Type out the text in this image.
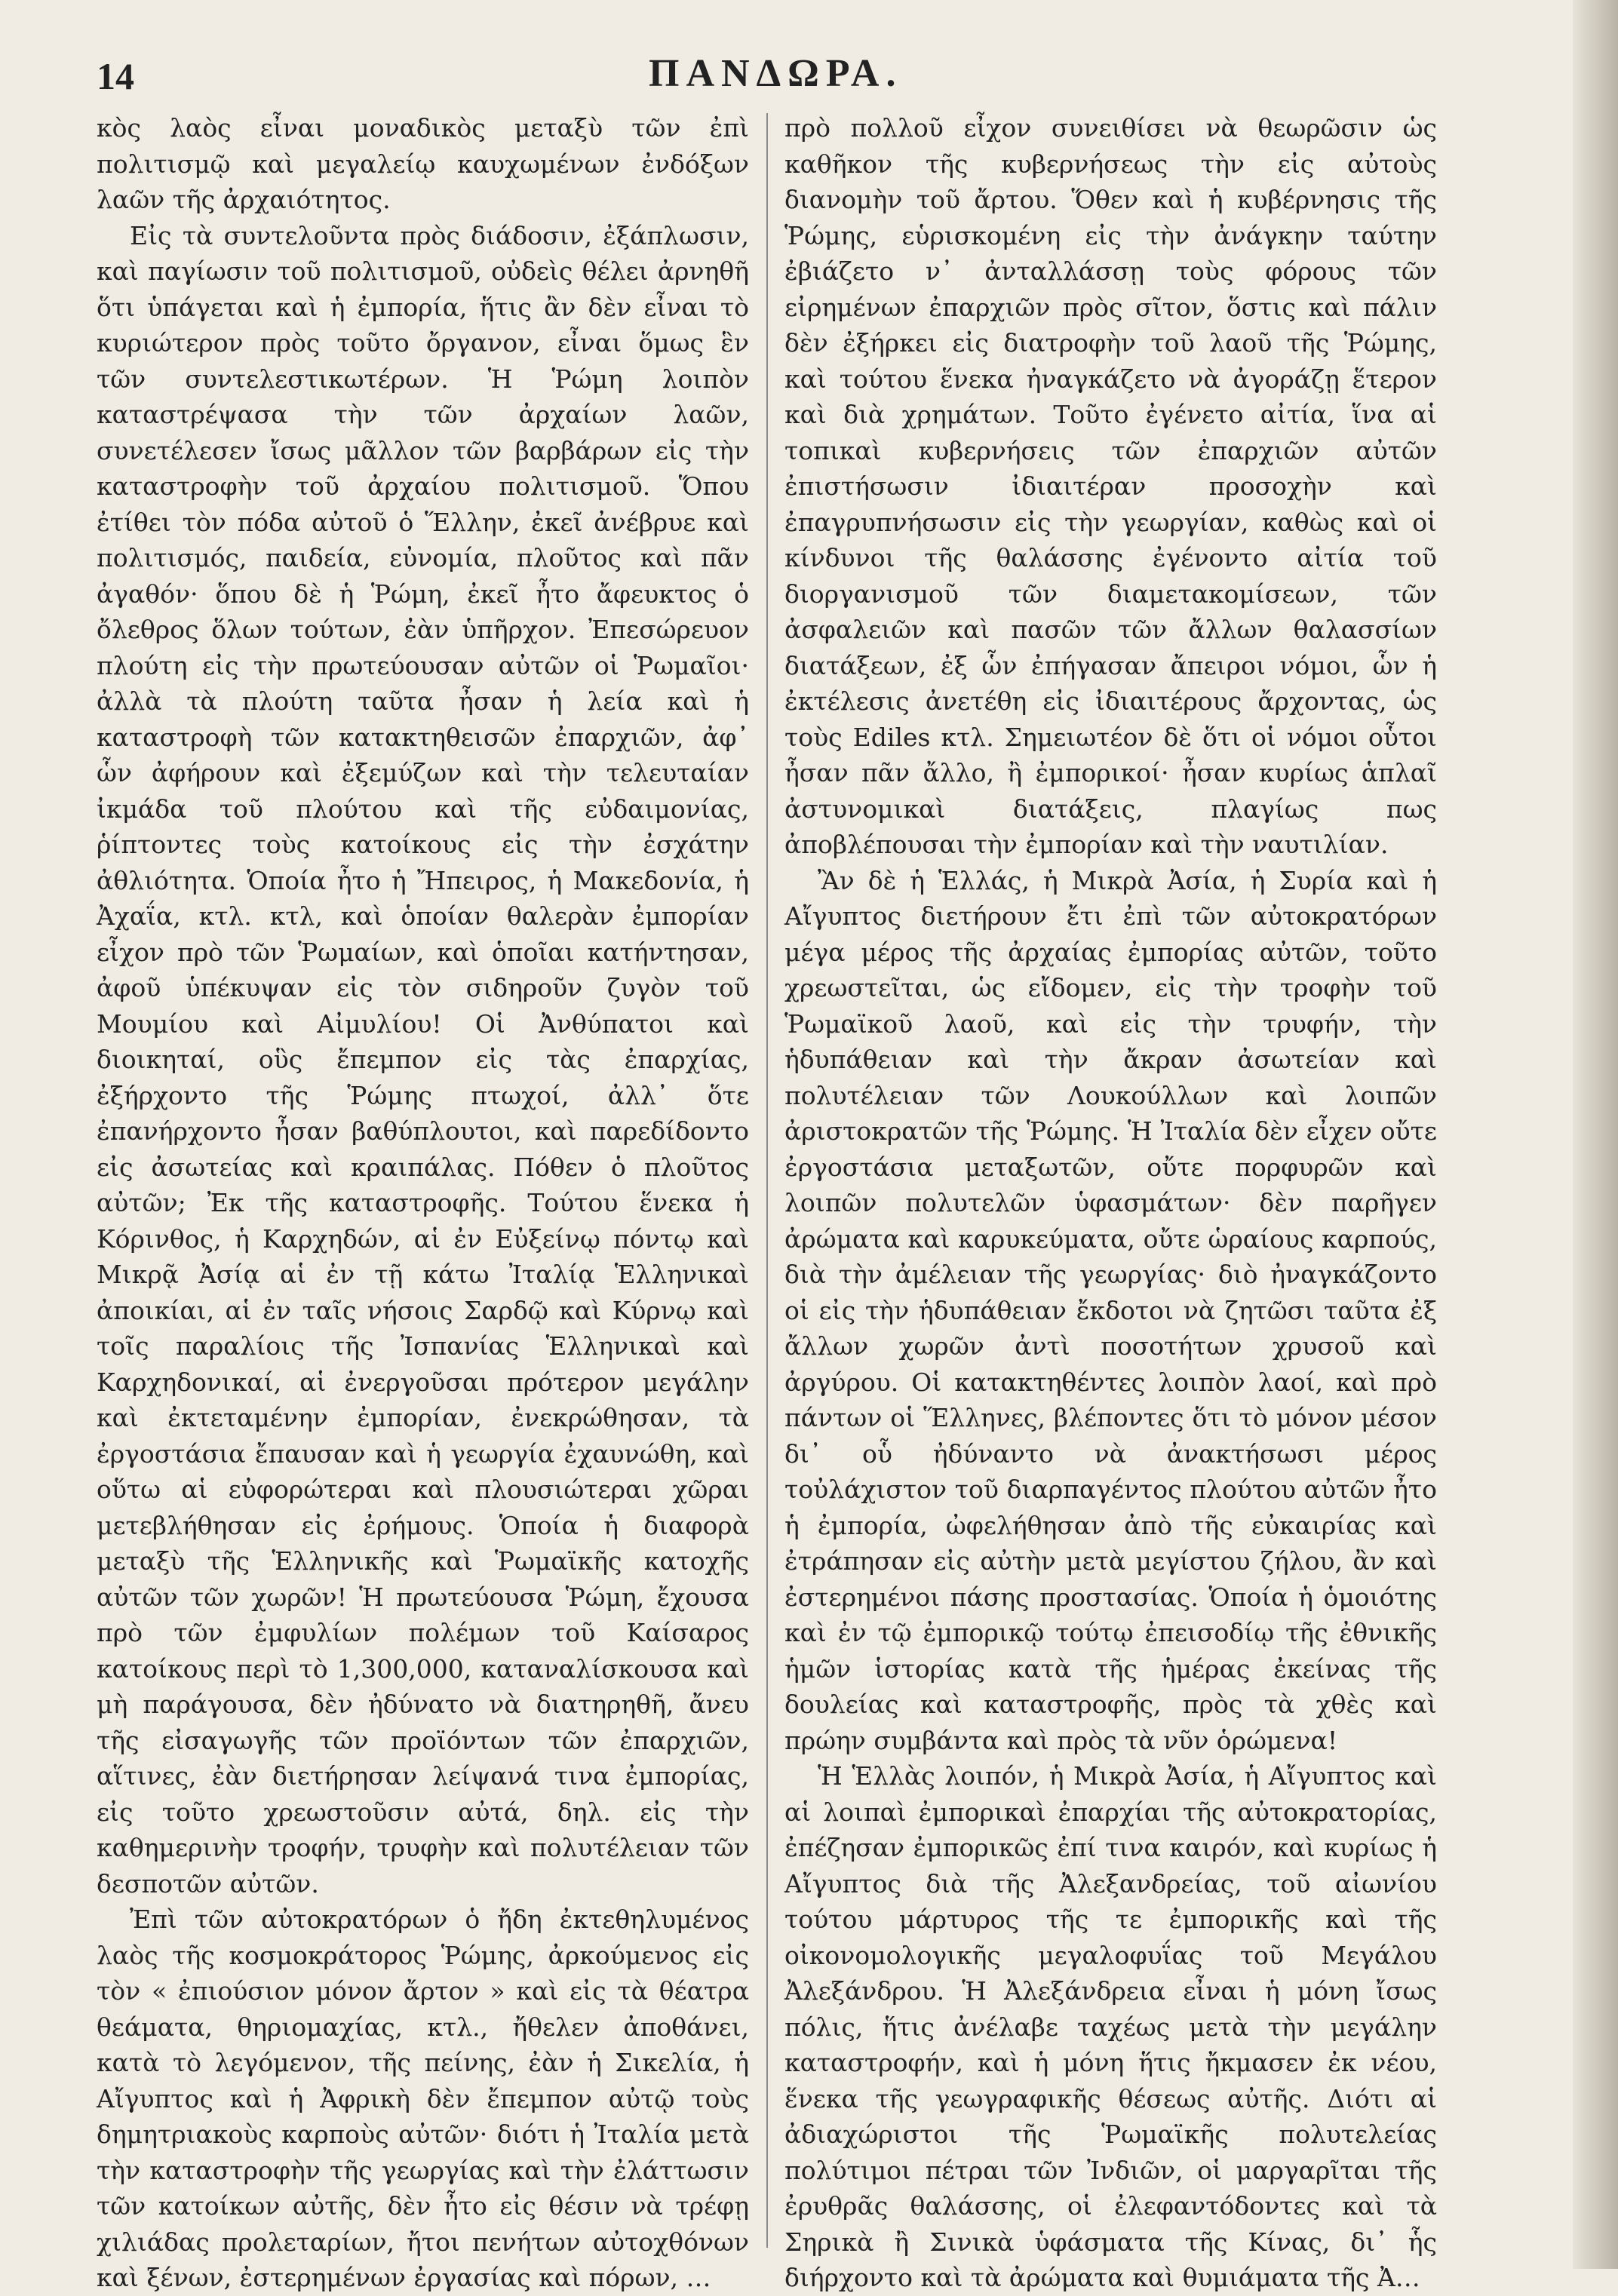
14	ΠΑΝΔΩΡΑ.

κὸς λαὸς εἶναι μοναδικὸς μεταξὺ τῶν ἐπὶ πολιτισμῷ καὶ μεγαλείῳ καυχωμένων ἐνδόξων λαῶν τῆς ἀρχαιότητος.

Εἰς τὰ συντελοῦντα πρὸς διάδοσιν, ἐξάπλωσιν, καὶ παγίωσιν τοῦ πολιτισμοῦ, οὐδεὶς θέλει ἀρνηθῆ ὅτι ὑπάγεται καὶ ἡ ἐμπορία, ἥτις ἂν δὲν εἶναι τὸ κυριώτερον πρὸς τοῦτο ὄργανον, εἶναι ὅμως ἓν τῶν συντελεστικωτέρων. Ἡ Ῥώμη λοιπὸν καταστρέψασα τὴν τῶν ἀρχαίων λαῶν, συνετέλεσεν ἴσως μᾶλλον τῶν βαρβάρων εἰς τὴν καταστροφὴν τοῦ ἀρχαίου πολιτισμοῦ. Ὅπου ἐτίθει τὸν πόδα αὐτοῦ ὁ Ἕλλην, ἐκεῖ ἀνέβρυε καὶ πολιτισμός, παιδεία, εὐνομία, πλοῦτος καὶ πᾶν ἀγαθόν· ὅπου δὲ ἡ Ῥώμη, ἐκεῖ ἦτο ἄφευκτος ὁ ὄλεθρος ὅλων τούτων, ἐὰν ὑπῆρχον. Ἐπεσώρευον πλούτη εἰς τὴν πρωτεύουσαν αὐτῶν οἱ Ῥωμαῖοι· ἀλλὰ τὰ πλούτη ταῦτα ἦσαν ἡ λεία καὶ ἡ καταστροφὴ τῶν κατακτηθεισῶν ἐπαρχιῶν, ἀφ᾽ ὧν ἀφήρουν καὶ ἐξεμύζων καὶ τὴν τελευταίαν ἰκμάδα τοῦ πλούτου καὶ τῆς εὐδαιμονίας, ῥίπτοντες τοὺς κατοίκους εἰς τὴν ἐσχάτην ἀθλιότητα. Ὁποία ἦτο ἡ Ἤπειρος, ἡ Μακεδονία, ἡ Ἀχαΐα, κτλ. κτλ, καὶ ὁποίαν θαλερὰν ἐμπορίαν εἶχον πρὸ τῶν Ῥωμαίων, καὶ ὁποῖαι κατήντησαν, ἀφοῦ ὑπέκυψαν εἰς τὸν σιδηροῦν ζυγὸν τοῦ Μουμίου καὶ Αἰμυλίου! Οἱ Ἀνθύπατοι καὶ διοικηταί, οὓς ἔπεμπον εἰς τὰς ἐπαρχίας, ἐξήρχοντο τῆς Ῥώμης πτωχοί, ἀλλ᾽ ὅτε ἐπανήρχοντο ἦσαν βαθύπλουτοι, καὶ παρεδίδοντο εἰς ἀσωτείας καὶ κραιπάλας. Πόθεν ὁ πλοῦτος αὐτῶν; Ἐκ τῆς καταστροφῆς. Τούτου ἕνεκα ἡ Κόρινθος, ἡ Καρχηδών, αἱ ἐν Εὐξείνῳ πόντῳ καὶ Μικρᾷ Ἀσίᾳ αἱ ἐν τῇ κάτω Ἰταλίᾳ Ἑλληνικαὶ ἀποικίαι, αἱ ἐν ταῖς νήσοις Σαρδῷ καὶ Κύρνῳ καὶ τοῖς παραλίοις τῆς Ἰσπανίας Ἑλληνικαὶ καὶ Καρχηδονικαί, αἱ ἐνεργοῦσαι πρότερον μεγάλην καὶ ἐκτεταμένην ἐμπορίαν, ἐνεκρώθησαν, τὰ ἐργοστάσια ἔπαυσαν καὶ ἡ γεωργία ἐχαυνώθη, καὶ οὕτω αἱ εὐφορώτεραι καὶ πλουσιώτεραι χῶραι μετεβλήθησαν εἰς ἐρήμους. Ὁποία ἡ διαφορὰ μεταξὺ τῆς Ἑλληνικῆς καὶ Ῥωμαϊκῆς κατοχῆς αὐτῶν τῶν χωρῶν! Ἡ πρωτεύουσα Ῥώμη, ἔχουσα πρὸ τῶν ἐμφυλίων πολέμων τοῦ Καίσαρος κατοίκους περὶ τὸ 1,300,000, καταναλίσκουσα καὶ μὴ παράγουσα, δὲν ἠδύνατο νὰ διατηρηθῆ, ἄνευ τῆς εἰσαγωγῆς τῶν προϊόντων τῶν ἐπαρχιῶν, αἵτινες, ἐὰν διετήρησαν λείψανά τινα ἐμπορίας, εἰς τοῦτο χρεωστοῦσιν αὐτά, δηλ. εἰς τὴν καθημερινὴν τροφήν, τρυφὴν καὶ πολυτέλειαν τῶν δεσποτῶν αὐτῶν.

Ἐπὶ τῶν αὐτοκρατόρων ὁ ἤδη ἐκτεθηλυμένος λαὸς τῆς κοσμοκράτορος Ῥώμης, ἀρκούμενος εἰς τὸν « ἐπιούσιον μόνον ἄρτον » καὶ εἰς τὰ θέατρα θεάματα, θηριομαχίας, κτλ., ἤθελεν ἀποθάνει, κατὰ τὸ λεγόμενον, τῆς πείνης, ἐὰν ἡ Σικελία, ἡ Αἴγυπτος καὶ ἡ Ἀφρικὴ δὲν ἔπεμπον αὐτῷ τοὺς δημητριακοὺς καρποὺς αὐτῶν· διότι ἡ Ἰταλία μετὰ τὴν καταστροφὴν τῆς γεωργίας καὶ τὴν ἐλάττωσιν τῶν κατοίκων αὐτῆς, δὲν ἦτο εἰς θέσιν νὰ τρέφῃ χιλιάδας προλεταρίων, ἤτοι πενήτων αὐτοχθόνων καὶ ξένων, ἐστερημένων ἐργασίας καὶ πόρων, …

πρὸ πολλοῦ εἶχον συνειθίσει νὰ θεωρῶσιν ὡς καθῆκον τῆς κυβερνήσεως τὴν εἰς αὐτοὺς διανομὴν τοῦ ἄρτου. Ὅθεν καὶ ἡ κυβέρνησις τῆς Ῥώμης, εὑρισκομένη εἰς τὴν ἀνάγκην ταύτην ἐβιάζετο ν᾽ ἀνταλλάσσῃ τοὺς φόρους τῶν εἰρημένων ἐπαρχιῶν πρὸς σῖτον, ὅστις καὶ πάλιν δὲν ἐξήρκει εἰς διατροφὴν τοῦ λαοῦ τῆς Ῥώμης, καὶ τούτου ἕνεκα ἠναγκάζετο νὰ ἀγοράζῃ ἕτερον καὶ διὰ χρημάτων. Τοῦτο ἐγένετο αἰτία, ἵνα αἱ τοπικαὶ κυβερνήσεις τῶν ἐπαρχιῶν αὐτῶν ἐπιστήσωσιν ἰδιαιτέραν προσοχὴν καὶ ἐπαγρυπνήσωσιν εἰς τὴν γεωργίαν, καθὼς καὶ οἱ κίνδυνοι τῆς θαλάσσης ἐγένοντο αἰτία τοῦ διοργανισμοῦ τῶν διαμετακομίσεων, τῶν ἀσφαλειῶν καὶ πασῶν τῶν ἄλλων θαλασσίων διατάξεων, ἐξ ὧν ἐπήγασαν ἄπειροι νόμοι, ὧν ἡ ἐκτέλεσις ἀνετέθη εἰς ἰδιαιτέρους ἄρχοντας, ὡς τοὺς Ediles κτλ. Σημειωτέον δὲ ὅτι οἱ νόμοι οὗτοι ἦσαν πᾶν ἄλλο, ἢ ἐμπορικοί· ἦσαν κυρίως ἁπλαῖ ἀστυνομικαὶ διατάξεις, πλαγίως πως ἀποβλέπουσαι τὴν ἐμπορίαν καὶ τὴν ναυτιλίαν.

Ἂν δὲ ἡ Ἑλλάς, ἡ Μικρὰ Ἀσία, ἡ Συρία καὶ ἡ Αἴγυπτος διετήρουν ἔτι ἐπὶ τῶν αὐτοκρατόρων μέγα μέρος τῆς ἀρχαίας ἐμπορίας αὐτῶν, τοῦτο χρεωστεῖται, ὡς εἴδομεν, εἰς τὴν τροφὴν τοῦ Ῥωμαϊκοῦ λαοῦ, καὶ εἰς τὴν τρυφήν, τὴν ἡδυπάθειαν καὶ τὴν ἄκραν ἀσωτείαν καὶ πολυτέλειαν τῶν Λουκούλλων καὶ λοιπῶν ἀριστοκρατῶν τῆς Ῥώμης. Ἡ Ἰταλία δὲν εἶχεν οὔτε ἐργοστάσια μεταξωτῶν, οὔτε πορφυρῶν καὶ λοιπῶν πολυτελῶν ὑφασμάτων· δὲν παρῆγεν ἀρώματα καὶ καρυκεύματα, οὔτε ὡραίους καρπούς, διὰ τὴν ἀμέλειαν τῆς γεωργίας· διὸ ἠναγκάζοντο οἱ εἰς τὴν ἡδυπάθειαν ἔκδοτοι νὰ ζητῶσι ταῦτα ἐξ ἄλλων χωρῶν ἀντὶ ποσοτήτων χρυσοῦ καὶ ἀργύρου. Οἱ κατακτηθέντες λοιπὸν λαοί, καὶ πρὸ πάντων οἱ Ἕλληνες, βλέποντες ὅτι τὸ μόνον μέσον δι᾽ οὗ ἠδύναντο νὰ ἀνακτήσωσι μέρος τοὐλάχιστον τοῦ διαρπαγέντος πλούτου αὐτῶν ἦτο ἡ ἐμπορία, ὠφελήθησαν ἀπὸ τῆς εὐκαιρίας καὶ ἐτράπησαν εἰς αὐτὴν μετὰ μεγίστου ζήλου, ἂν καὶ ἐστερημένοι πάσης προστασίας. Ὁποία ἡ ὁμοιότης καὶ ἐν τῷ ἐμπορικῷ τούτῳ ἐπεισοδίῳ τῆς ἐθνικῆς ἡμῶν ἱστορίας κατὰ τῆς ἡμέρας ἐκείνας τῆς δουλείας καὶ καταστροφῆς, πρὸς τὰ χθὲς καὶ πρώην συμβάντα καὶ πρὸς τὰ νῦν ὁρώμενα!

Ἡ Ἑλλὰς λοιπόν, ἡ Μικρὰ Ἀσία, ἡ Αἴγυπτος καὶ αἱ λοιπαὶ ἐμπορικαὶ ἐπαρχίαι τῆς αὐτοκρατορίας, ἐπέζησαν ἐμπορικῶς ἐπί τινα καιρόν, καὶ κυρίως ἡ Αἴγυπτος διὰ τῆς Ἀλεξανδρείας, τοῦ αἰωνίου τούτου μάρτυρος τῆς τε ἐμπορικῆς καὶ τῆς οἰκονομολογικῆς μεγαλοφυΐας τοῦ Μεγάλου Ἀλεξάνδρου. Ἡ Ἀλεξάνδρεια εἶναι ἡ μόνη ἴσως πόλις, ἥτις ἀνέλαβε ταχέως μετὰ τὴν μεγάλην καταστροφήν, καὶ ἡ μόνη ἥτις ἤκμασεν ἐκ νέου, ἕνεκα τῆς γεωγραφικῆς θέσεως αὐτῆς. Διότι αἱ ἀδιαχώριστοι τῆς Ῥωμαϊκῆς πολυτελείας πολύτιμοι πέτραι τῶν Ἰνδιῶν, οἱ μαργαρῖται τῆς ἐρυθρᾶς θαλάσσης, οἱ ἐλεφαντόδοντες καὶ τὰ Σηρικὰ ἢ Σινικὰ ὑφάσματα τῆς Κίνας, δι᾽ ἧς διήρχοντο καὶ τὰ ἀρώματα καὶ θυμιάματα τῆς Ἀ…
